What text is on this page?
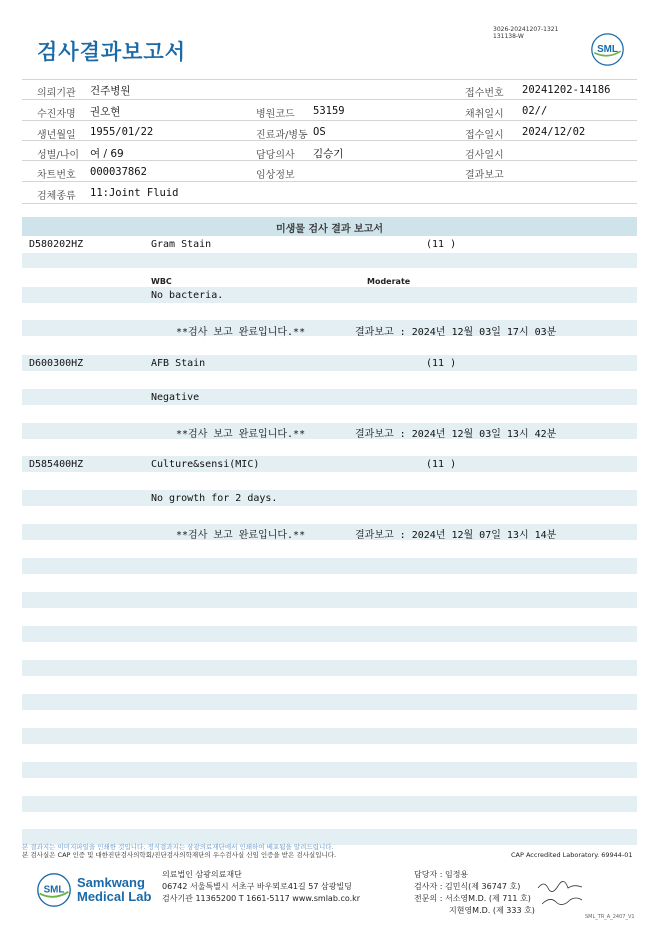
검사결과보고서
3026-20241207-1321
131138-W
SML
의뢰기관 건주병원	접수번호 20241202-14186
수진자명 권오현	병원코드 53159	채취일시 02//
생년월일 1955/01/22	진료과/병동 OS	접수일시 2024/12/02
성별/나이 여 / 69	담당의사 김승기	검사일시
차트번호 000037862	임상정보	결과보고
검체종류 11:Joint Fluid
미생물 검사 결과 보고서
D580202HZ	Gram Stain	(11 )
WBC	Moderate
No bacteria.
**검사 보고 완료입니다.**	결과보고 : 2024년 12월 03일 17시 03분
D600300HZ	AFB Stain	(11 )
Negative
**검사 보고 완료입니다.**	결과보고 : 2024년 12월 03일 13시 42분
D585400HZ	Culture&sensi(MIC)	(11 )
No growth for 2 days.
**검사 보고 완료입니다.**	결과보고 : 2024년 12월 07일 13시 14분
본 결과지는 이미지파일을 인쇄한 것입니다. 정식결과지는 삼광의료재단에서 인쇄하여 배포됨을 알려드립니다.
본 검사실은 CAP 인증 및 대한진단검사의학회/진단검사의학재단의 우수검사실 신임 인증을 받은 검사실입니다.	CAP Accredited Laboratory. 69944-01
SML
Samkwang
Medical Lab
의료법인 삼광의료재단
06742 서울특별시 서초구 바우뫼로41길 57 삼광빌딩
검사기관 11365200 T 1661-5117 www.smlab.co.kr
담당자 : 임정용
검사자 : 김민식(제 36747 호)
전문의 : 서소영M.D. (제 711 호)
지현영M.D. (제 333 호)
SML_TR_A_2407_V1
